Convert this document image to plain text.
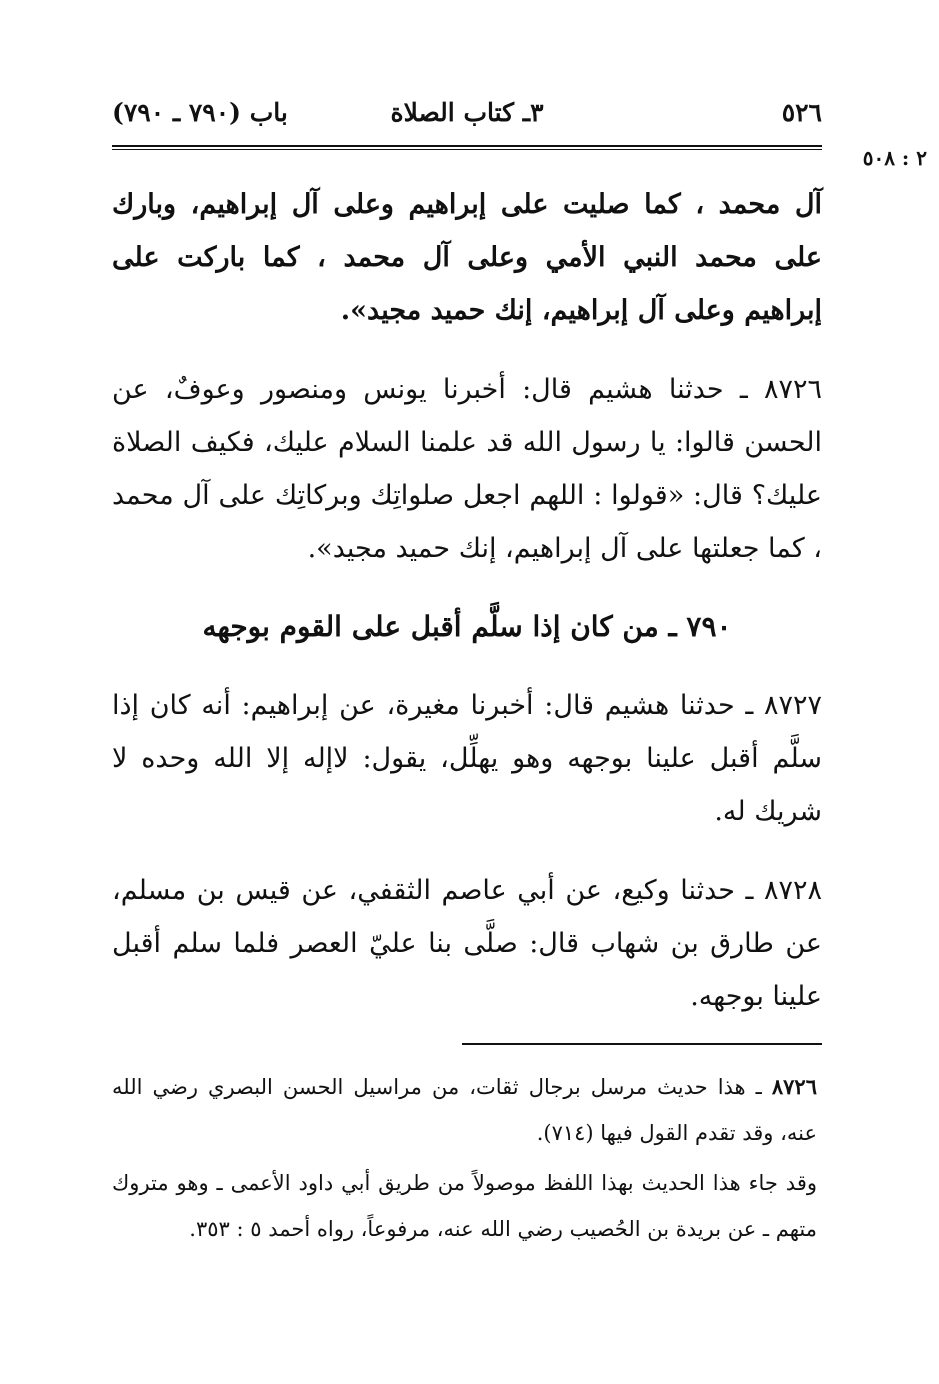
٥٢٦
٣ـ كتاب الصلاة
باب (٧٩٠ ـ ٧٩٠)
٢ : ٥٠٨

آل محمد ، كما صليت على إبراهيم وعلى آل إبراهيم، وبارك على محمد النبي الأمي وعلى آل محمد ، كما باركت على إبراهيم وعلى آل إبراهيم، إنك حميد مجيد».

٨٧٢٦ ـ حدثنا هشيم قال: أخبرنا يونس ومنصور وعوفٌ، عن الحسن قالوا: يا رسول الله قد علمنا السلام عليك، فكيف الصلاة عليك؟ قال: «قولوا : اللهم اجعل صلواتِك وبركاتِك على آل محمد ، كما جعلتها على آل إبراهيم، إنك حميد مجيد».

٧٩٠ ـ من كان إذا سلَّم أقبل على القوم بوجهه

٨٧٢٧ ـ حدثنا هشيم قال: أخبرنا مغيرة، عن إبراهيم: أنه كان إذا سلَّم أقبل علينا بوجهه وهو يهلِّل، يقول: لاإله إلا الله وحده لا شريك له.

٨٧٢٨ ـ حدثنا وكيع، عن أبي عاصم الثقفي، عن قيس بن مسلم، عن طارق بن شهاب قال: صلَّى بنا عليّ العصر فلما سلم أقبل علينا بوجهه.

٨٧٢٦ ـ هذا حديث مرسل برجال ثقات، من مراسيل الحسن البصري رضي الله عنه، وقد تقدم القول فيها (٧١٤).

وقد جاء هذا الحديث بهذا اللفظ موصولاً من طريق أبي داود الأعمى ـ وهو متروك متهم ـ عن بريدة بن الحُصيب رضي الله عنه، مرفوعاً، رواه أحمد ٥ : ٣٥٣.
